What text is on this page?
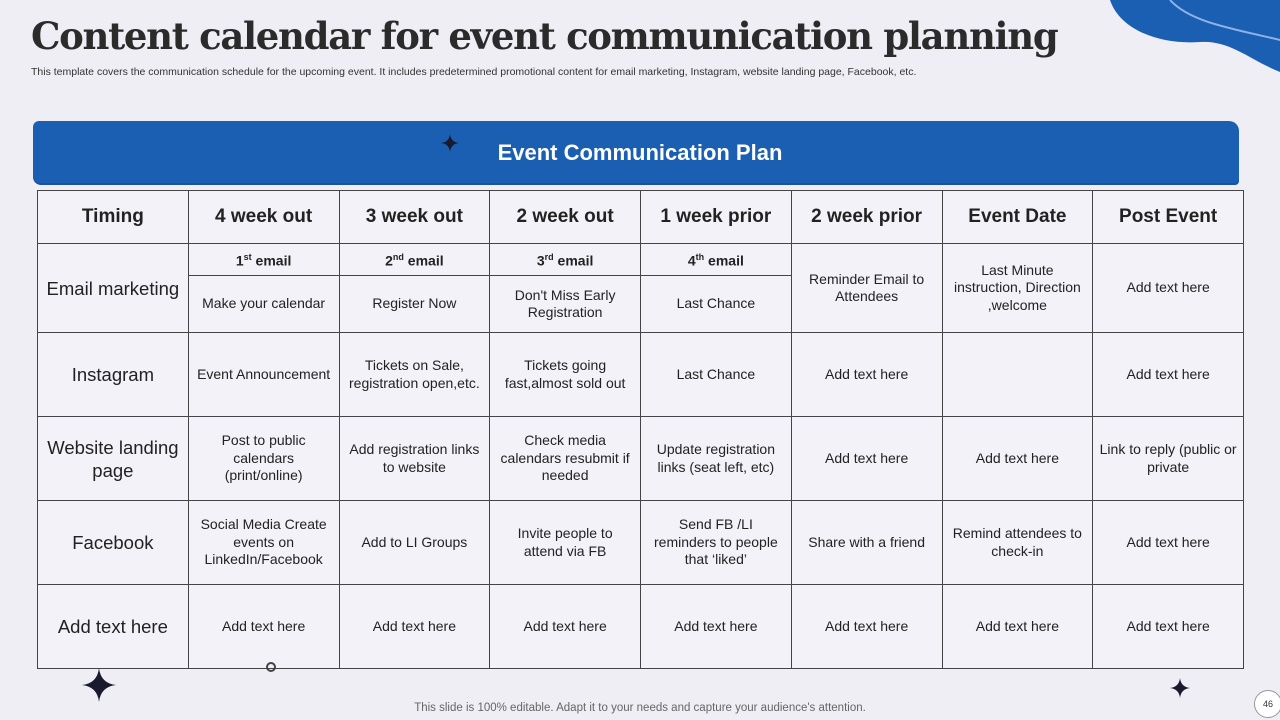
Content calendar for event communication planning
This template covers the communication schedule for the upcoming event. It includes predetermined promotional content for email marketing, Instagram, website landing page, Facebook, etc.
Event Communication Plan
Timing	4 week out	3 week out	2 week out	1 week prior	2 week prior	Event Date	Post Event
Email marketing	1st email	2nd email	3rd email	4th email	Reminder Email to Attendees	Last Minute instruction, Direction ,welcome	Add text here
	Make your calendar	Register Now	Don't Miss Early Registration	Last Chance			
Instagram	Event Announcement	Tickets on Sale, registration open,etc.	Tickets going fast,almost sold out	Last Chance	Add text here		Add text here
Website landing page	Post to public calendars (print/online)	Add registration links to website	Check media calendars resubmit if needed	Update registration links (seat left, etc)	Add text here	Add text here	Link to reply (public or private
Facebook	Social Media Create events on LinkedIn/Facebook	Add to LI Groups	Invite people to attend via FB	Send FB /LI reminders to people that ‘liked’	Share with a friend	Remind attendees to check-in	Add text here
Add text here	Add text here	Add text here	Add text here	Add text here	Add text here	Add text here	Add text here
This slide is 100% editable. Adapt it to your needs and capture your audience's attention.	46
